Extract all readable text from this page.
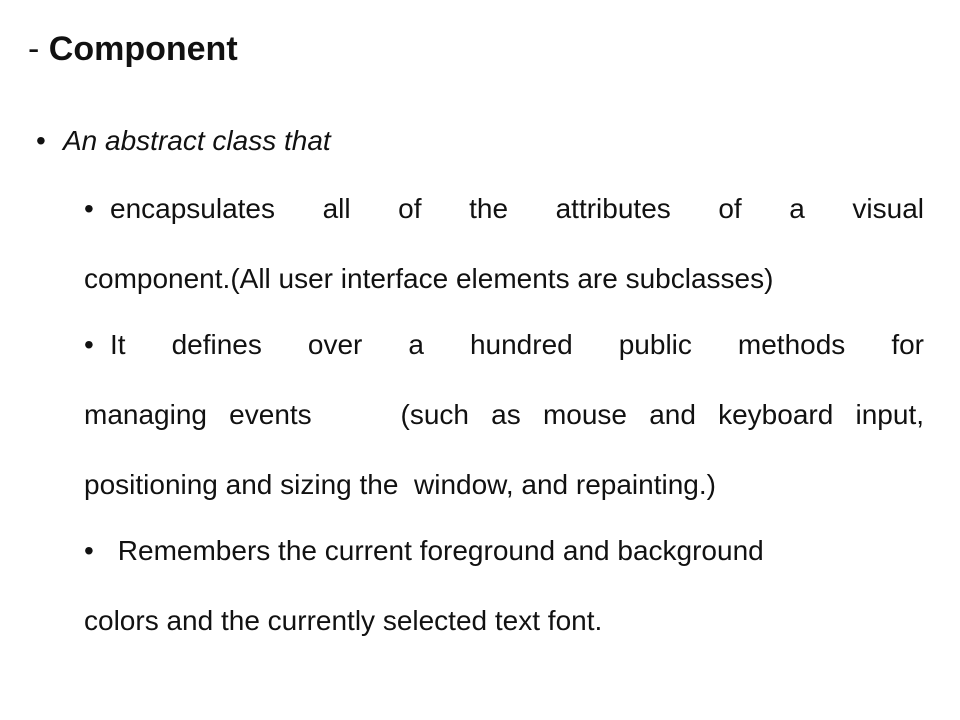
- Component
• An abstract class that
• encapsulates all of the attributes of a visual
component.(All user interface elements are subclasses)
• It defines over a hundred public methods for
managing events    (such as mouse and keyboard input,
positioning and sizing the  window, and repainting.)
• Remembers the current foreground and background
colors and the currently selected text font.
